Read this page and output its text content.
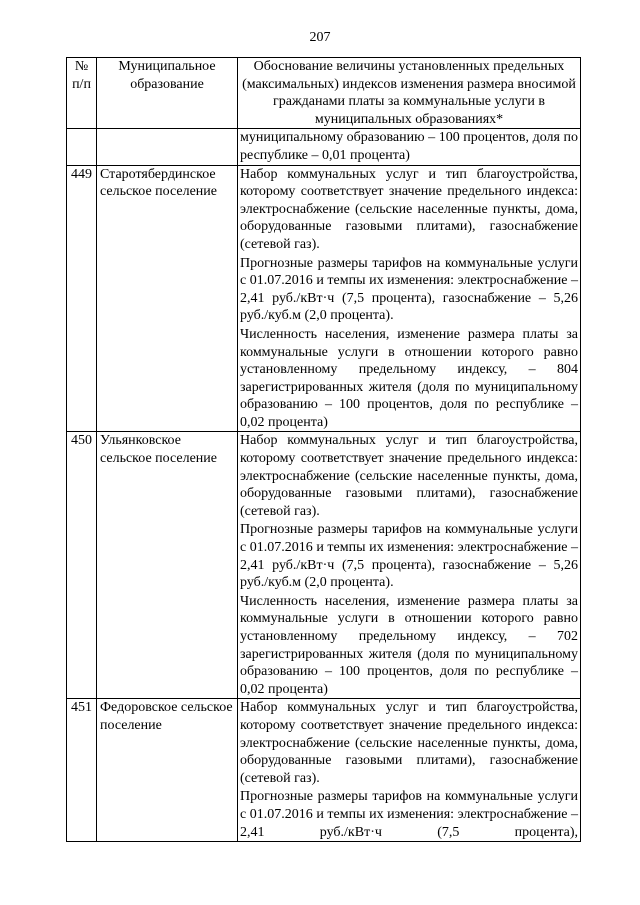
207
№ п/п	Муниципальное образование	Обоснование величины установленных предельных (максимальных) индексов изменения размера вносимой гражданами платы за коммунальные услуги в муниципальных образованиях*

		муниципальному образованию – 100 процентов, доля по республике – 0,01 процента)

449	Старотябердинское сельское поселение	Набор коммунальных услуг и тип благоустройства, которому соответствует значение предельного индекса: электроснабжение (сельские населенные пункты, дома, оборудованные газовыми плитами), газоснабжение (сетевой газ).

Прогнозные размеры тарифов на коммунальные услуги с 01.07.2016 и темпы их изменения: электроснабжение – 2,41 руб./кВт·ч (7,5 процента), газоснабжение – 5,26 руб./куб.м (2,0 процента).

Численность населения, изменение размера платы за коммунальные услуги в отношении которого равно установленному предельному индексу, – 804 зарегистрированных жителя (доля по муниципальному образованию – 100 процентов, доля по республике – 0,02 процента)

450	Ульянковское сельское поселение	Набор коммунальных услуг и тип благоустройства, которому соответствует значение предельного индекса: электроснабжение (сельские населенные пункты, дома, оборудованные газовыми плитами), газоснабжение (сетевой газ).

Прогнозные размеры тарифов на коммунальные услуги с 01.07.2016 и темпы их изменения: электроснабжение – 2,41 руб./кВт·ч (7,5 процента), газоснабжение – 5,26 руб./куб.м (2,0 процента).

Численность населения, изменение размера платы за коммунальные услуги в отношении которого равно установленному предельному индексу, – 702 зарегистрированных жителя (доля по муниципальному образованию – 100 процентов, доля по республике – 0,02 процента)

451	Федоровское сельское поселение	Набор коммунальных услуг и тип благоустройства, которому соответствует значение предельного индекса: электроснабжение (сельские населенные пункты, дома, оборудованные газовыми плитами), газоснабжение (сетевой газ).

Прогнозные размеры тарифов на коммунальные услуги с 01.07.2016 и темпы их изменения: электроснабжение – 2,41 руб./кВт·ч (7,5 процента),
